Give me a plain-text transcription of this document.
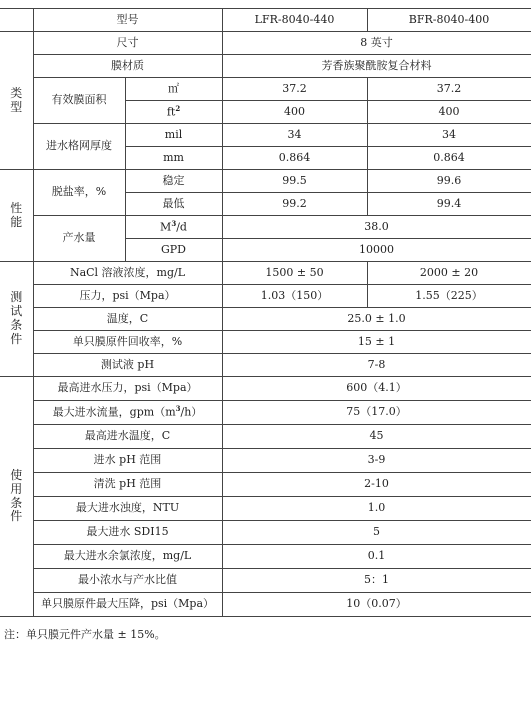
	型号		LFR-8040-440	BFR-8040-400

类
型	尺寸		8 英寸	
	膜材质		芳香族聚酰胺复合材料	
	有效膜面积	㎡	37.2	37.2
		$ft^2$	400	400
	进水格网厚度	mil	34	34
		mm	0.864	0.864

性
能	脱盐率，%	稳定	99.5	99.6
		最低	99.2	99.4
	产水量	$M^3/d$	38.0	
		GPD	10000	

测
试
条
件	NaCl 溶液浓度，mg/L		1500 ± 50	2000 ± 20
	压力，psi（Mpa）		1.03（150）	1.55（225）
	温度，C		25.0 ± 1.0	
	单只膜原件回收率，%		15 ± 1	
	测试液 pH		7-8	

使
用
条
件	最高进水压力，psi（Mpa）		600（4.1）	
	最大进水流量，$gpm(m^3/h)$		75（17.0）	
	最高进水温度，C		45	
	进水 pH 范围		3-9	
	清洗 pH 范围		2-10	
	最大进水浊度，NTU		1.0	
	最大进水 SDI15		5	
	最大进水余氯浓度，mg/L		0.1	
	最小浓水与产水比值		5：1	
	单只膜原件最大压降，psi（Mpa）		10（0.07）	
注：单只膜元件产水量 ± 15%。
